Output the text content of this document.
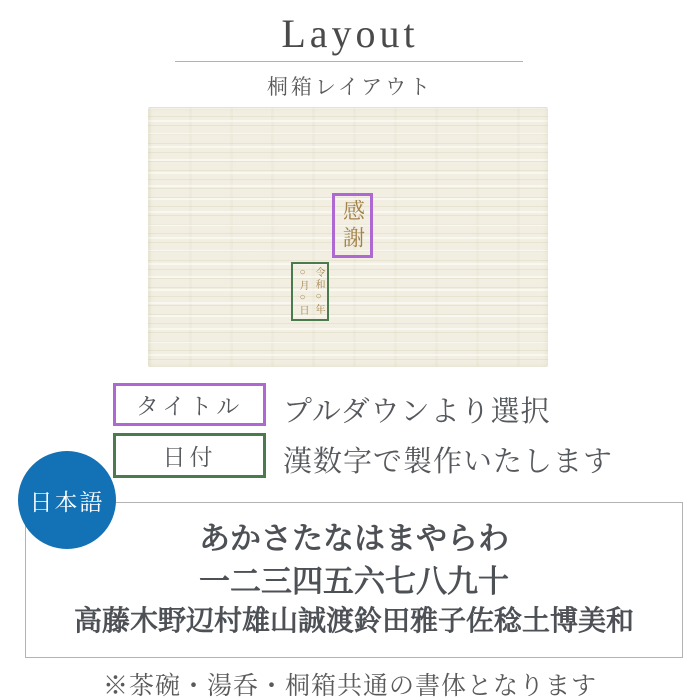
Layout
桐箱レイアウト
感謝
令和○年
○月○日
タイトル プルダウンより選択
日付 漢数字で製作いたします
あかさたなはまやらわ
一二三四五六七八九十
高藤木野辺村雄山誠渡鈴田雅子佐稔土博美和
日本語
※茶碗・湯呑・桐箱共通の書体となります
